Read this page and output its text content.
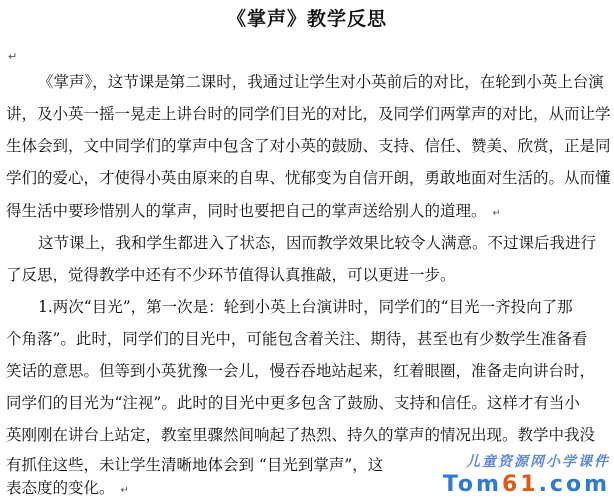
《掌声》教学反思
↵
《掌声》，这节课是第二课时，我通过让学生对小英前后的对比，在轮到小英上台演
讲，及小英一摇一晃走上讲台时的同学们目光的对比，及同学们两掌声的对比，从而让学
生体会到，文中同学们的掌声中包含了对小英的鼓励、支持、信任、赞美、欣赏，正是同
学们的爱心，才使得小英由原来的自卑、忧郁变为自信开朗，勇敢地面对生活的。从而懂
得生活中要珍惜别人的掌声，同时也要把自己的掌声送给别人的道理。 ↵
这节课上，我和学生都进入了状态，因而教学效果比较令人满意。不过课后我进行
了反思，觉得教学中还有不少环节值得认真推敲，可以更进一步。
1.两次“目光”，第一次是：轮到小英上台演讲时，同学们的“目光一齐投向了那
个角落”。此时，同学们的目光中，可能包含着关注、期待，甚至也有少数学生准备看
笑话的意思。但等到小英犹豫一会儿，慢吞吞地站起来，红着眼圈，准备走向讲台时，
同学们的目光为“注视”。此时的目光中更多包含了鼓励、支持和信任。这样才有当小
英刚刚在讲台上站定，教室里骤然间响起了热烈、持久的掌声的情况出现。教学中我没
有抓住这些，未让学生清晰地体会到 “目光到掌声”，这
表态度的变化。 ↵
儿童资源网小学课件
Tom61.com
